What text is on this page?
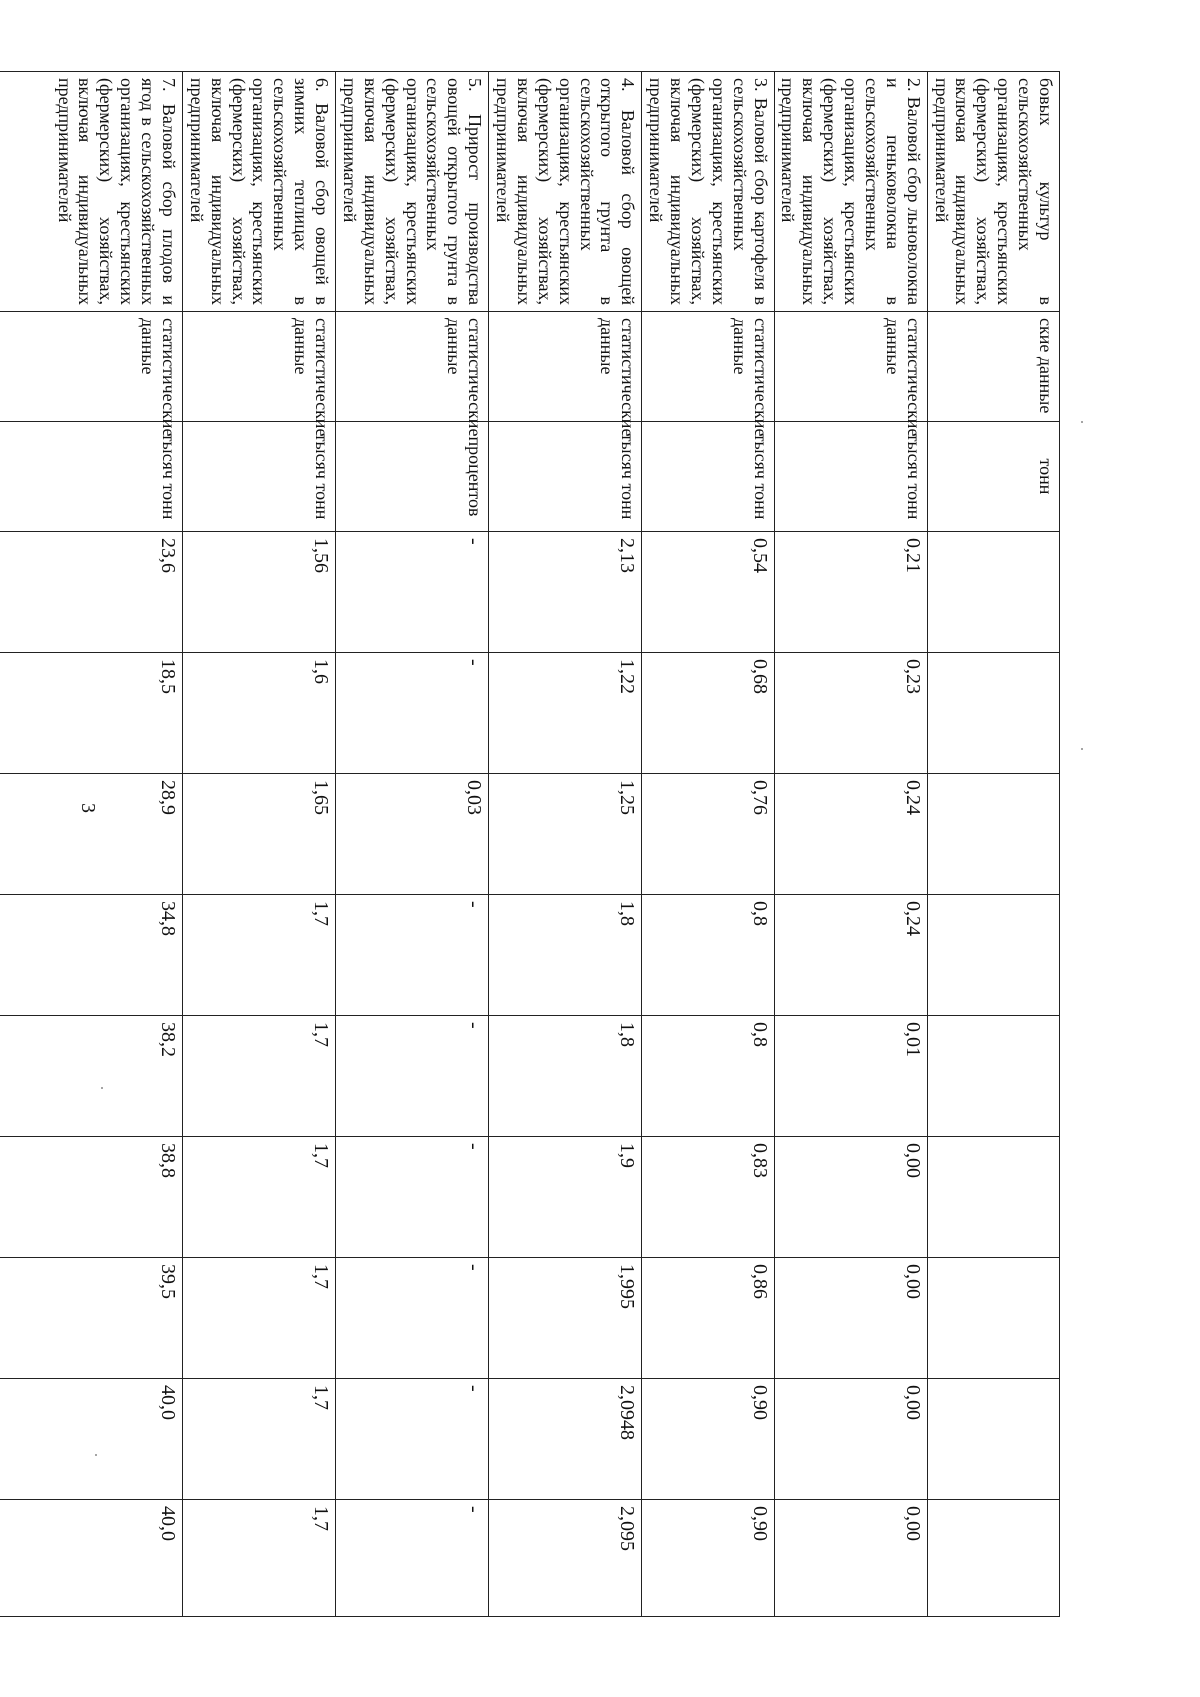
3
бовых культур в сельскохозяйственных организациях, крестьянских (фермерских) хозяйствах, включая индивидуальных предпринимателей	ские данные	тонн									
2. Валовой сбор льноволокна и пеньковолокна в сельскохозяйственных организациях, крестьянских (фермерских) хозяйствах, включая индивидуальных предпринимателей	статистические данные	тысяч тонн	0,21	0,23	0,24	0,24	0,01	0,00	0,00	0,00	0,00
3. Валовой сбор картофеля в сельскохозяйственных организациях, крестьянских (фермерских) хозяйствах, включая индивидуальных предпринимателей	статистические данные	тысяч тонн	0,54	0,68	0,76	0,8	0,8	0,83	0,86	0,90	0,90
4. Валовой сбор овощей открытого грунта в сельскохозяйственных организациях, крестьянских (фермерских) хозяйствах, включая индивидуальных предпринимателей	статистические данные	тысяч тонн	2,13	1,22	1,25	1,8	1,8	1,9	1,995	2,0948	2,095
5. Прирост производства овощей открытого грунта в сельскохозяйственных организациях, крестьянских (фермерских) хозяйствах, включая индивидуальных предпринимателей	статистические данные	процентов	-	-	0,03	-	-	-	-	-	-
6. Валовой сбор овощей в зимних теплицах в сельскохозяйственных организациях, крестьянских (фермерских) хозяйствах, включая индивидуальных предпринимателей	статистические данные	тысяч тонн	1,56	1,6	1,65	1,7	1,7	1,7	1,7	1,7	1,7
7. Валовой сбор плодов и ягод в сельскохозяйственных организациях, крестьянских (фермерских) хозяйствах, включая индивидуальных предпринимателей	статистические данные	тысяч тонн	23,6	18,5	28,9	34,8	38,2	38,8	39,5	40,0	40,0
